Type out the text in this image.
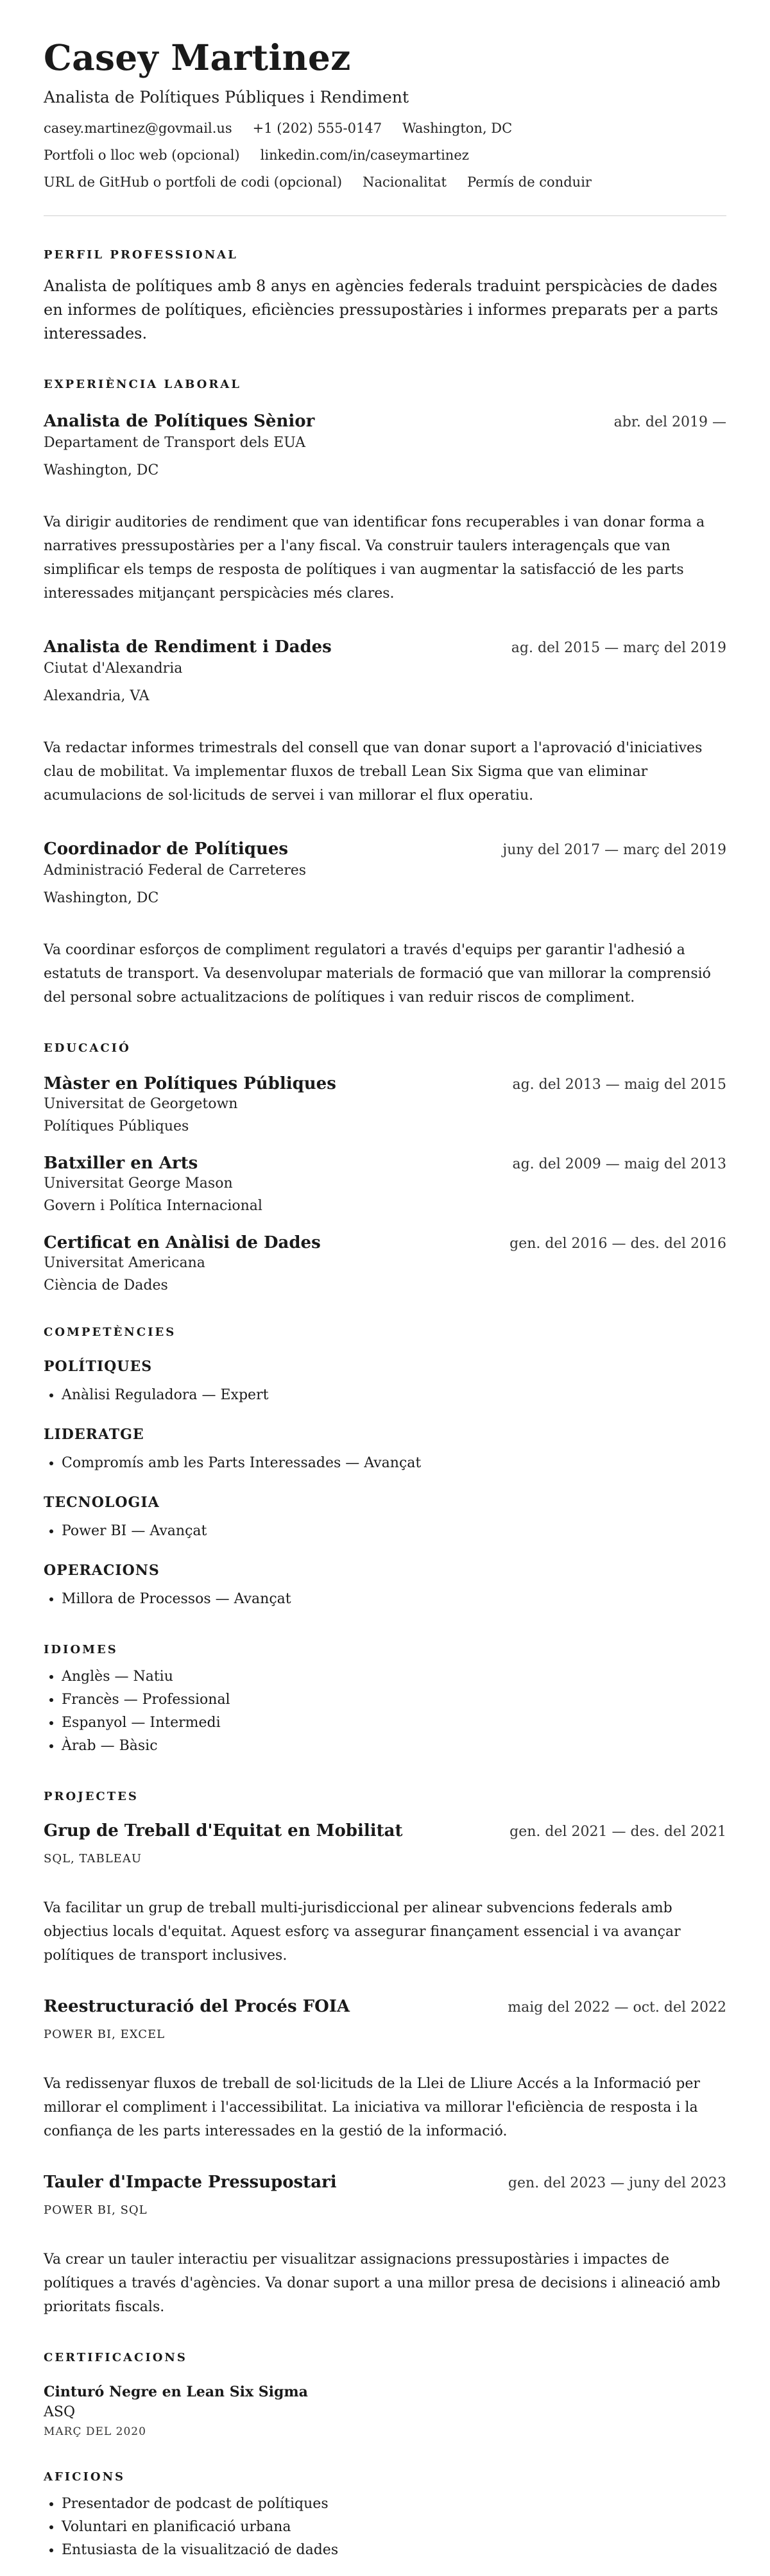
Casey Martinez
Analista de Polítiques Públiques i Rendiment
casey.martinez@govmail.us +1 (202) 555-0147 Washington, DC
Portfoli o lloc web (opcional) linkedin.com/in/caseymartinez
URL de GitHub o portfoli de codi (opcional) Nacionalitat Permís de conduir
PERFIL PROFESSIONAL
Analista de polítiques amb 8 anys en agències federals traduint perspicàcies de dades en informes de polítiques, eficiències pressupostàries i informes preparats per a parts interessades.
EXPERIÈNCIA LABORAL
Analista de Polítiques Sènior	abr. del 2019 —
Departament de Transport dels EUA
Washington, DC
Va dirigir auditories de rendiment que van identificar fons recuperables i van donar forma a narratives pressupostàries per a l'any fiscal. Va construir taulers interagençals que van simplificar els temps de resposta de polítiques i van augmentar la satisfacció de les parts interessades mitjançant perspicàcies més clares.
Analista de Rendiment i Dades	ag. del 2015 — març del 2019
Ciutat d'Alexandria
Alexandria, VA
Va redactar informes trimestrals del consell que van donar suport a l'aprovació d'iniciatives clau de mobilitat. Va implementar fluxos de treball Lean Six Sigma que van eliminar acumulacions de sol·licituds de servei i van millorar el flux operatiu.
Coordinador de Polítiques	juny del 2017 — març del 2019
Administració Federal de Carreteres
Washington, DC
Va coordinar esforços de compliment regulatori a través d'equips per garantir l'adhesió a estatuts de transport. Va desenvolupar materials de formació que van millorar la comprensió del personal sobre actualitzacions de polítiques i van reduir riscos de compliment.
EDUCACIÓ
Màster en Polítiques Públiques	ag. del 2013 — maig del 2015
Universitat de Georgetown
Polítiques Públiques
Batxiller en Arts	ag. del 2009 — maig del 2013
Universitat George Mason
Govern i Política Internacional
Certificat en Anàlisi de Dades	gen. del 2016 — des. del 2016
Universitat Americana
Ciència de Dades
COMPETÈNCIES
POLÍTIQUES
• Anàlisi Reguladora — Expert
LIDERATGE
• Compromís amb les Parts Interessades — Avançat
TECNOLOGIA
• Power BI — Avançat
OPERACIONS
• Millora de Processos — Avançat
IDIOMES
• Anglès — Natiu
• Francès — Professional
• Espanyol — Intermedi
• Àrab — Bàsic
PROJECTES
Grup de Treball d'Equitat en Mobilitat	gen. del 2021 — des. del 2021
SQL, TABLEAU
Va facilitar un grup de treball multi-jurisdiccional per alinear subvencions federals amb objectius locals d'equitat. Aquest esforç va assegurar finançament essencial i va avançar polítiques de transport inclusives.
Reestructuració del Procés FOIA	maig del 2022 — oct. del 2022
POWER BI, EXCEL
Va redissenyar fluxos de treball de sol·licituds de la Llei de Lliure Accés a la Informació per millorar el compliment i l'accessibilitat. La iniciativa va millorar l'eficiència de resposta i la confiança de les parts interessades en la gestió de la informació.
Tauler d'Impacte Pressupostari	gen. del 2023 — juny del 2023
POWER BI, SQL
Va crear un tauler interactiu per visualitzar assignacions pressupostàries i impactes de polítiques a través d'agències. Va donar suport a una millor presa de decisions i alineació amb prioritats fiscals.
CERTIFICACIONS
Cinturó Negre en Lean Six Sigma
ASQ
MARÇ DEL 2020
AFICIONS
• Presentador de podcast de polítiques
• Voluntari en planificació urbana
• Entusiasta de la visualització de dades
